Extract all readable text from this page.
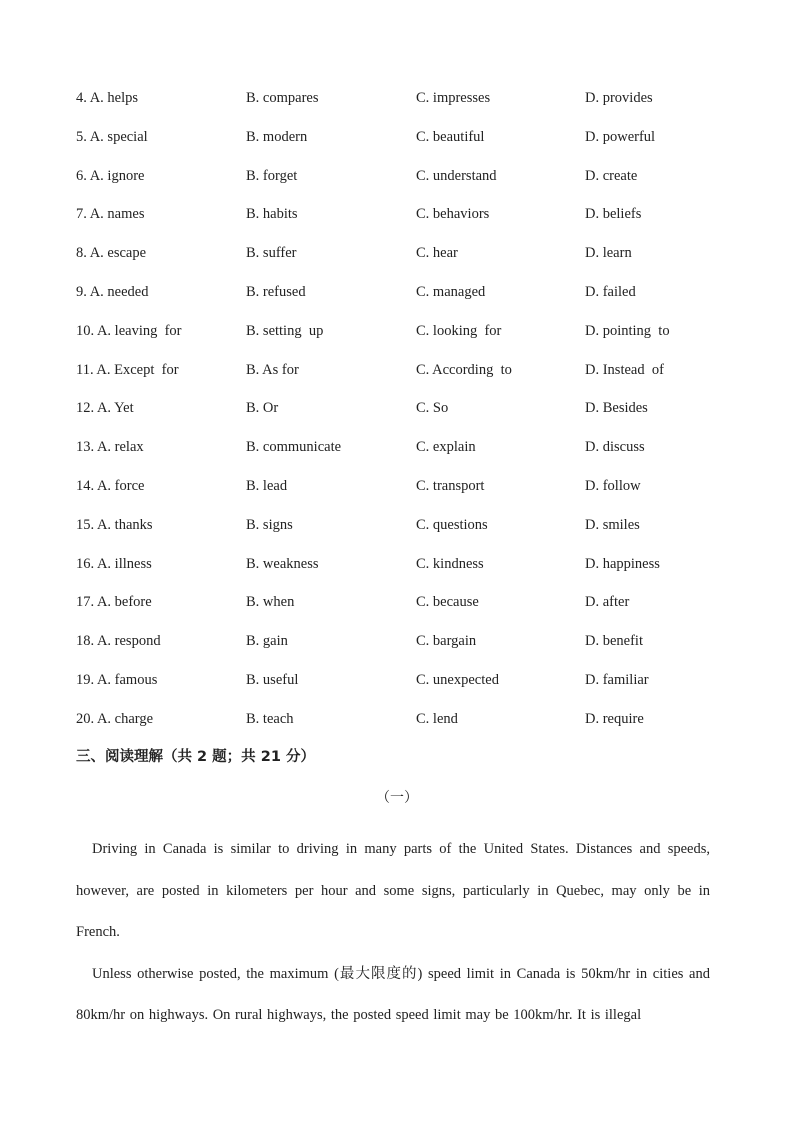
4. A. helps	B. compares	C. impresses	D. provides
5. A. special	B. modern	C. beautiful	D. powerful
6. A. ignore	B. forget	C. understand	D. create
7. A. names	B. habits	C. behaviors	D. beliefs
8. A. escape	B. suffer	C. hear	D. learn
9. A. needed	B. refused	C. managed	D. failed
10. A. leaving  for	B. setting  up	C. looking  for	D. pointing  to
11. A. Except  for	B. As for	C. According  to	D. Instead  of
12. A. Yet	B. Or	C. So	D. Besides
13. A. relax	B. communicate	C. explain	D. discuss
14. A. force	B. lead	C. transport	D. follow
15. A. thanks	B. signs	C. questions	D. smiles
16. A. illness	B. weakness	C. kindness	D. happiness
17. A. before	B. when	C. because	D. after
18. A. respond	B. gain	C. bargain	D. benefit
19. A. famous	B. useful	C. unexpected	D. familiar
20. A. charge	B. teach	C. lend	D. require
三、阅读理解（共 2 题；共 21 分）
（一）

Driving in Canada is similar to driving in many parts of the United States. Distances and speeds, however, are posted in kilometers per hour and some signs, particularly in Quebec, may only be in French.

Unless otherwise posted, the maximum (最大限度的) speed limit in Canada is 50km/hr in cities and 80km/hr on highways. On rural highways, the posted speed limit may be 100km/hr. It is illegal
